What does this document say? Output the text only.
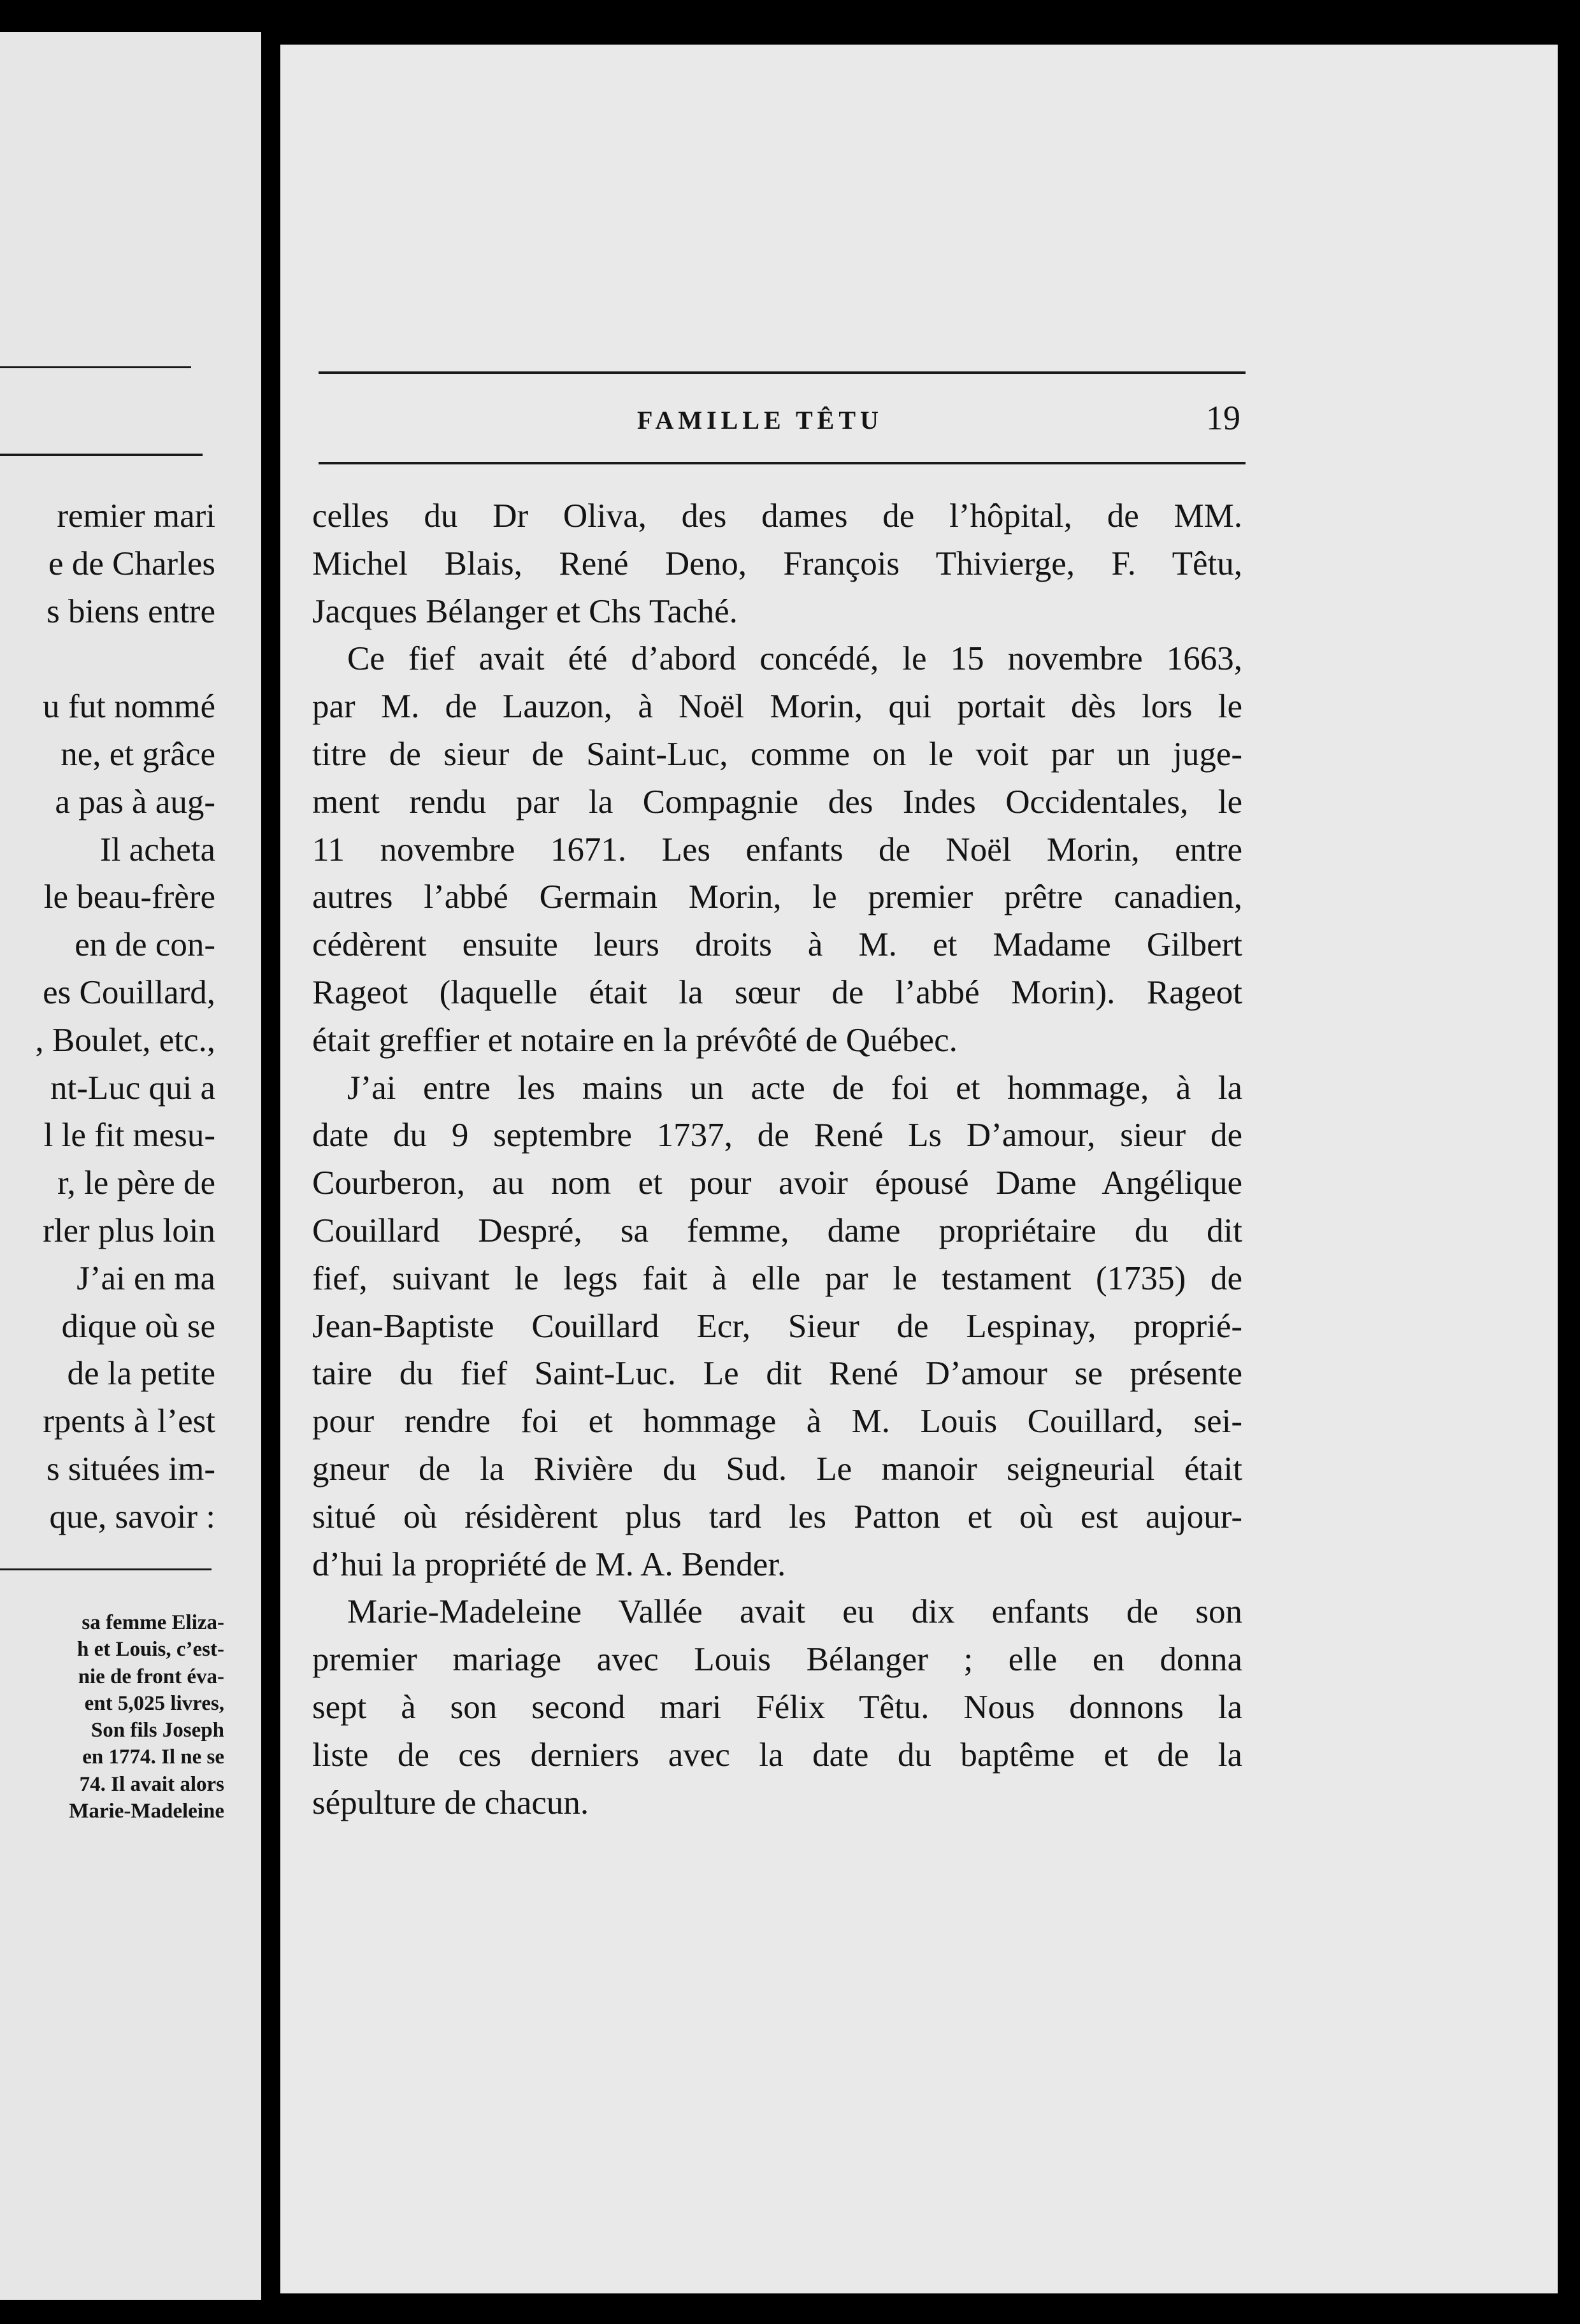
remier mari
e de Charles
s biens entre

u fut nommé
ne, et grâce
a pas à aug-
Il acheta
le beau-frère
en de con-
es Couillard,
, Boulet, etc.,
nt-Luc qui a
l le fit mesu-
r, le père de
rler plus loin
J’ai en ma
dique où se
de la petite
rpents à l’est
s situées im-
que, savoir :
sa femme Eliza-
h et Louis, c’est-
nie de front éva-
ent 5,025 livres,
Son fils Joseph
en 1774. Il ne se
74. Il avait alors
Marie-Madeleine
FAMILLE TÊTU	19

celles du Dr Oliva, des dames de l’hôpital, de MM.

Michel Blais, René Deno, François Thivierge, F. Têtu,

Jacques Bélanger et Chs Taché.

Ce fief avait été d’abord concédé, le 15 novembre 1663,

par M. de Lauzon, à Noël Morin, qui portait dès lors le

titre de sieur de Saint-Luc, comme on le voit par un juge-

ment rendu par la Compagnie des Indes Occidentales, le

11 novembre 1671. Les enfants de Noël Morin, entre

autres l’abbé Germain Morin, le premier prêtre canadien,

cédèrent ensuite leurs droits à M. et Madame Gilbert

Rageot (laquelle était la sœur de l’abbé Morin). Rageot

était greffier et notaire en la prévôté de Québec.

J’ai entre les mains un acte de foi et hommage, à la

date du 9 septembre 1737, de René Ls D’amour, sieur de

Courberon, au nom et pour avoir épousé Dame Angélique

Couillard Despré, sa femme, dame propriétaire du dit

fief, suivant le legs fait à elle par le testament (1735) de

Jean-Baptiste Couillard Ecr, Sieur de Lespinay, proprié-

taire du fief Saint-Luc. Le dit René D’amour se présente

pour rendre foi et hommage à M. Louis Couillard, sei-

gneur de la Rivière du Sud. Le manoir seigneurial était

situé où résidèrent plus tard les Patton et où est aujour-

d’hui la propriété de M. A. Bender.

Marie-Madeleine Vallée avait eu dix enfants de son

premier mariage avec Louis Bélanger ; elle en donna

sept à son second mari Félix Têtu. Nous donnons la

liste de ces derniers avec la date du baptême et de la

sépulture de chacun.
